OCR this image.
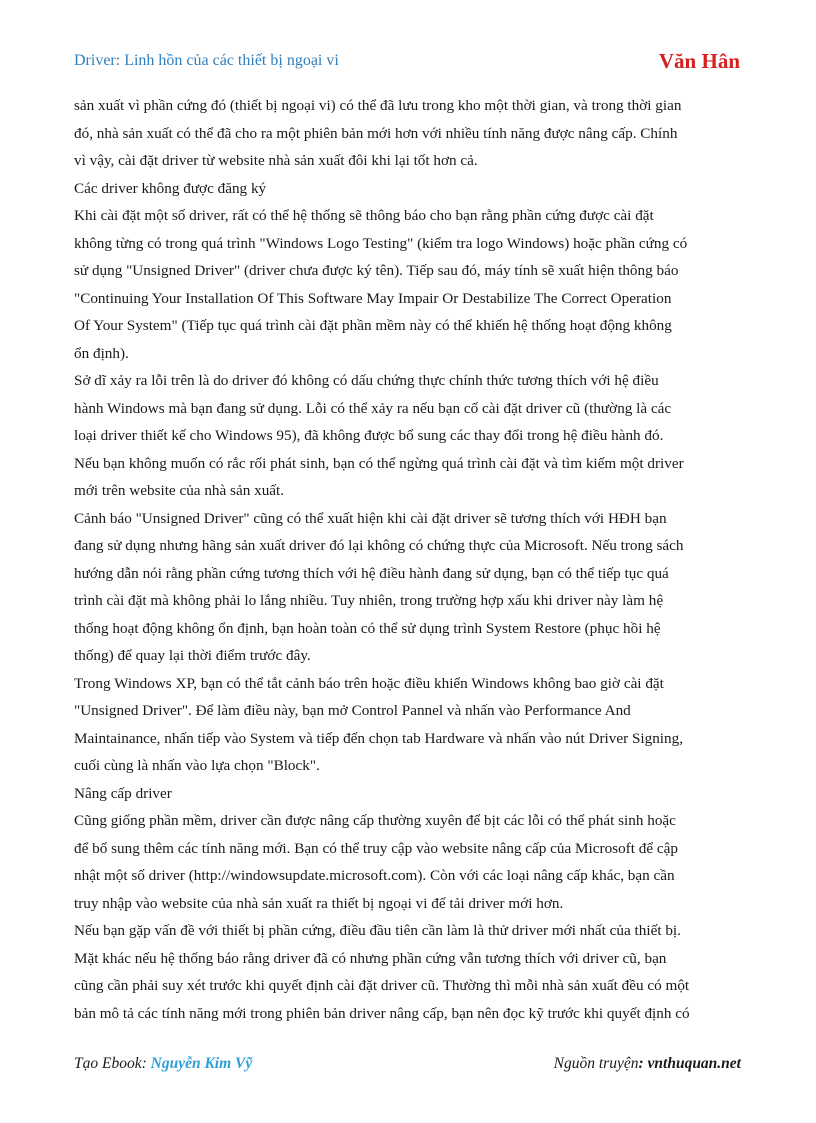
Driver: Linh hồn của các thiết bị ngoại vi	Văn Hân
sản xuất vì phần cứng đó (thiết bị ngoại vi) có thể đã lưu trong kho một thời gian, và trong thời gian
đó, nhà sản xuất có thể đã cho ra một phiên bản mới hơn với nhiều tính năng được nâng cấp. Chính
vì vậy, cài đặt driver từ website nhà sản xuất đôi khi lại tốt hơn cả.
Các driver không được đăng ký
Khi cài đặt một số driver, rất có thể hệ thống sẽ thông báo cho bạn rằng phần cứng được cài đặt
không từng có trong quá trình "Windows Logo Testing" (kiểm tra logo Windows) hoặc phần cứng có
sử dụng "Unsigned Driver" (driver chưa được ký tên). Tiếp sau đó, máy tính sẽ xuất hiện thông báo
"Continuing Your Installation Of This Software May Impair Or Destabilize The Correct Operation
Of Your System" (Tiếp tục quá trình cài đặt phần mềm này có thể khiến hệ thống hoạt động không
ổn định).
Sở dĩ xảy ra lỗi trên là do driver đó không có dấu chứng thực chính thức tương thích với hệ điều
hành Windows mà bạn đang sử dụng. Lỗi có thể xảy ra nếu bạn cố cài đặt driver cũ (thường là các
loại driver thiết kế cho Windows 95), đã không được bổ sung các thay đổi trong hệ điều hành đó.
Nếu bạn không muốn có rắc rối phát sinh, bạn có thể ngừng quá trình cài đặt và tìm kiếm một driver
mới trên website của nhà sản xuất.
Cảnh báo "Unsigned Driver" cũng có thể xuất hiện khi cài đặt driver sẽ tương thích với HĐH bạn
đang sử dụng nhưng hãng sản xuất driver đó lại không có chứng thực của Microsoft. Nếu trong sách
hướng dẫn nói rằng phần cứng tương thích với hệ điều hành đang sử dụng, bạn có thể tiếp tục quá
trình cài đặt mà không phải lo lắng nhiều. Tuy nhiên, trong trường hợp xấu khi driver này làm hệ
thống hoạt động không ổn định, bạn hoàn toàn có thể sử dụng trình System Restore (phục hồi hệ
thống) để quay lại thời điểm trước đây.
Trong Windows XP, bạn có thể tắt cảnh báo trên hoặc điều khiển Windows không bao giờ cài đặt
"Unsigned Driver". Để làm điều này, bạn mở Control Pannel và nhấn vào Performance And
Maintainance, nhấn tiếp vào System và tiếp đến chọn tab Hardware và nhấn vào nút Driver Signing,
cuối cùng là nhấn vào lựa chọn "Block".
Nâng cấp driver
Cũng giống phần mềm, driver cần được nâng cấp thường xuyên để bịt các lỗi có thể phát sinh hoặc
để bổ sung thêm các tính năng mới. Bạn có thể truy cập vào website nâng cấp của Microsoft để cập
nhật một số driver (http://windowsupdate.microsoft.com). Còn với các loại nâng cấp khác, bạn cần
truy nhập vào website của nhà sản xuất ra thiết bị ngoại vi để tải driver mới hơn.
Nếu bạn gặp vấn đề với thiết bị phần cứng, điều đầu tiên cần làm là thử driver mới nhất của thiết bị.
Mặt khác nếu hệ thống báo rằng driver đã có nhưng phần cứng vẫn tương thích với driver cũ, bạn
cũng cần phải suy xét trước khi quyết định cài đặt driver cũ. Thường thì mỗi nhà sản xuất đều có một
bản mô tả các tính năng mới trong phiên bản driver nâng cấp, bạn nên đọc kỹ trước khi quyết định có
Tạo Ebook: Nguyễn Kim Vỹ	Nguồn truyện: vnthuquan.net
